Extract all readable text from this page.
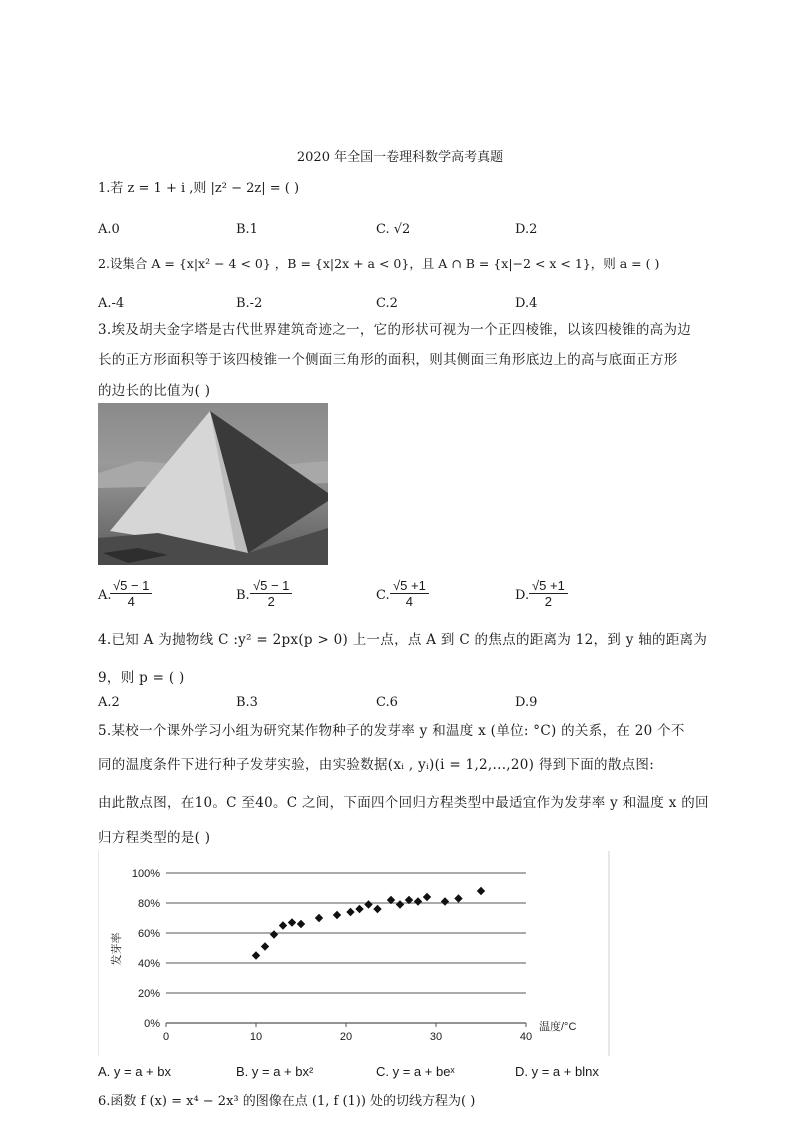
2020 年全国一卷理科数学高考真题
1.若 z = 1 + i ,则 |z² − 2z| = ( )
A.0	B.1	C. √2	D.2
2.设集合 A = {x|x² − 4 < 0} ，B = {x|2x + a < 0}，且 A ∩ B = {x|−2 < x < 1}，则 a = ( )
A.-4	B.-2	C.2	D.4
3.埃及胡夫金字塔是古代世界建筑奇迹之一，它的形状可视为一个正四棱锥，以该四棱锥的高为边
长的正方形面积等于该四棱锥一个侧面三角形的面积，则其侧面三角形底边上的高与底面正方形
的边长的比值为( )
A.
$\frac{√5 - 1}{4}$	B. $\frac{√5 - 1}{2}$	C. $\frac{√5 +1}{4}$	D. $\frac{√5 +1}{2}$
4.已知 A 为抛物线 C :y² = 2px(p > 0) 上一点，点 A 到 C 的焦点的距离为 12，到 y 轴的距离为
9，则 p = ( )
A.2	B.3	C.6	D.9
5.某校一个课外学习小组为研究某作物种子的发芽率 y 和温度 x (单位: °C) 的关系，在 20 个不
同的温度条件下进行种子发芽实验，由实验数据(xᵢ , yᵢ)(i = 1,2,...,20) 得到下面的散点图:
由此散点图，在10。C 至40。C 之间，下面四个回归方程类型中最适宜作为发芽率 y 和温度 x 的回
归方程类型的是( )
0%
20%
40%
60%
80%
100%
0	10	20	30	40
温度/°C
发芽率
A. y = a + bx	B. y = a + bx²	C. y = a + beˣ	D. y = a + blnx
6.函数 f (x) = x⁴ − 2x³ 的图像在点 (1, f (1)) 处的切线方程为( )
